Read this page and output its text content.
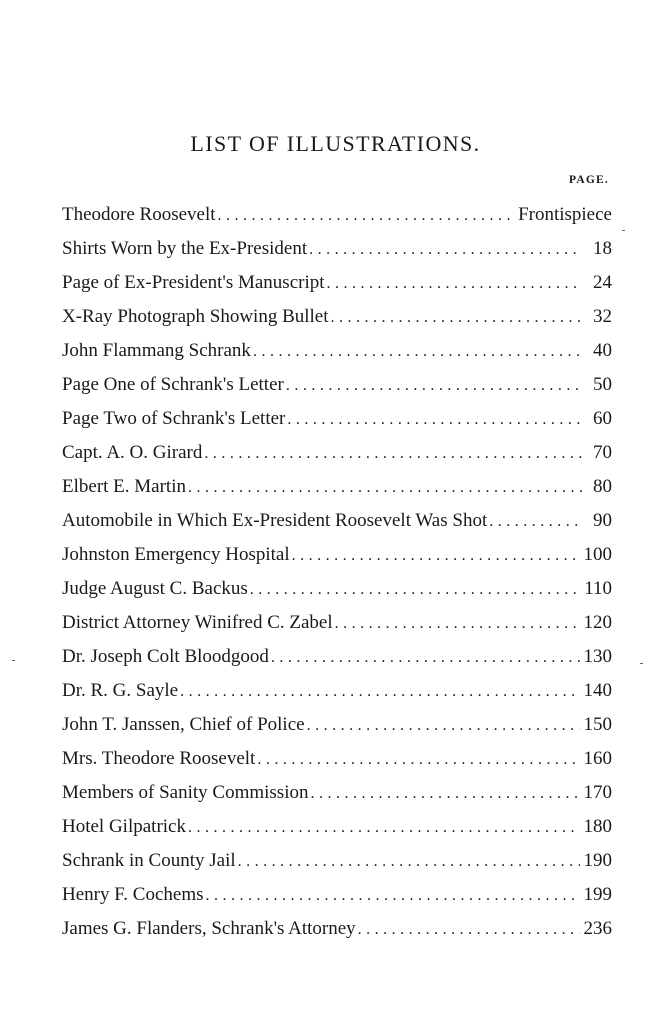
LIST OF ILLUSTRATIONS.
PAGE.
Theodore Roosevelt .....	Frontispiece
Shirts Worn by the Ex-President .....	18
Page of Ex-President's Manuscript .....	24
X-Ray Photograph Showing Bullet .....	32
John Flammang Schrank .....	40
Page One of Schrank's Letter .....	50
Page Two of Schrank's Letter .....	60
Capt. A. O. Girard .....	70
Elbert E. Martin .....	80
Automobile in Which Ex-President Roosevelt Was Shot .....	90
Johnston Emergency Hospital .....	100
Judge August C. Backus .....	110
District Attorney Winifred C. Zabel .....	120
Dr. Joseph Colt Bloodgood .....	130
Dr. R. G. Sayle .....	140
John T. Janssen, Chief of Police .....	150
Mrs. Theodore Roosevelt .....	160
Members of Sanity Commission .....	170
Hotel Gilpatrick .....	180
Schrank in County Jail .....	190
Henry F. Cochems .....	199
James G. Flanders, Schrank's Attorney .....	236
